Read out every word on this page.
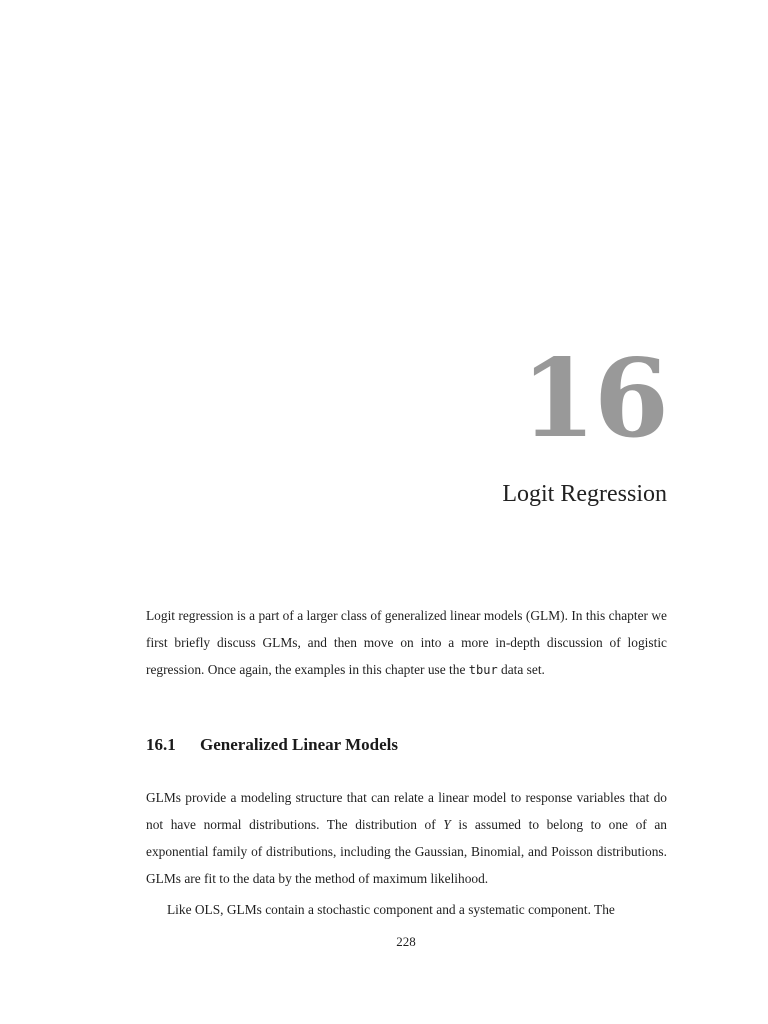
16
Logit Regression
Logit regression is a part of a larger class of generalized linear models (GLM). In this chapter we first briefly discuss GLMs, and then move on into a more in-depth discussion of logistic regression. Once again, the examples in this chapter use the tbur data set.
16.1 Generalized Linear Models
GLMs provide a modeling structure that can relate a linear model to response variables that do not have normal distributions. The distribution of Y is assumed to belong to one of an exponential family of distributions, including the Gaussian, Binomial, and Poisson distributions. GLMs are fit to the data by the method of maximum likelihood.
Like OLS, GLMs contain a stochastic component and a systematic component. The
228
